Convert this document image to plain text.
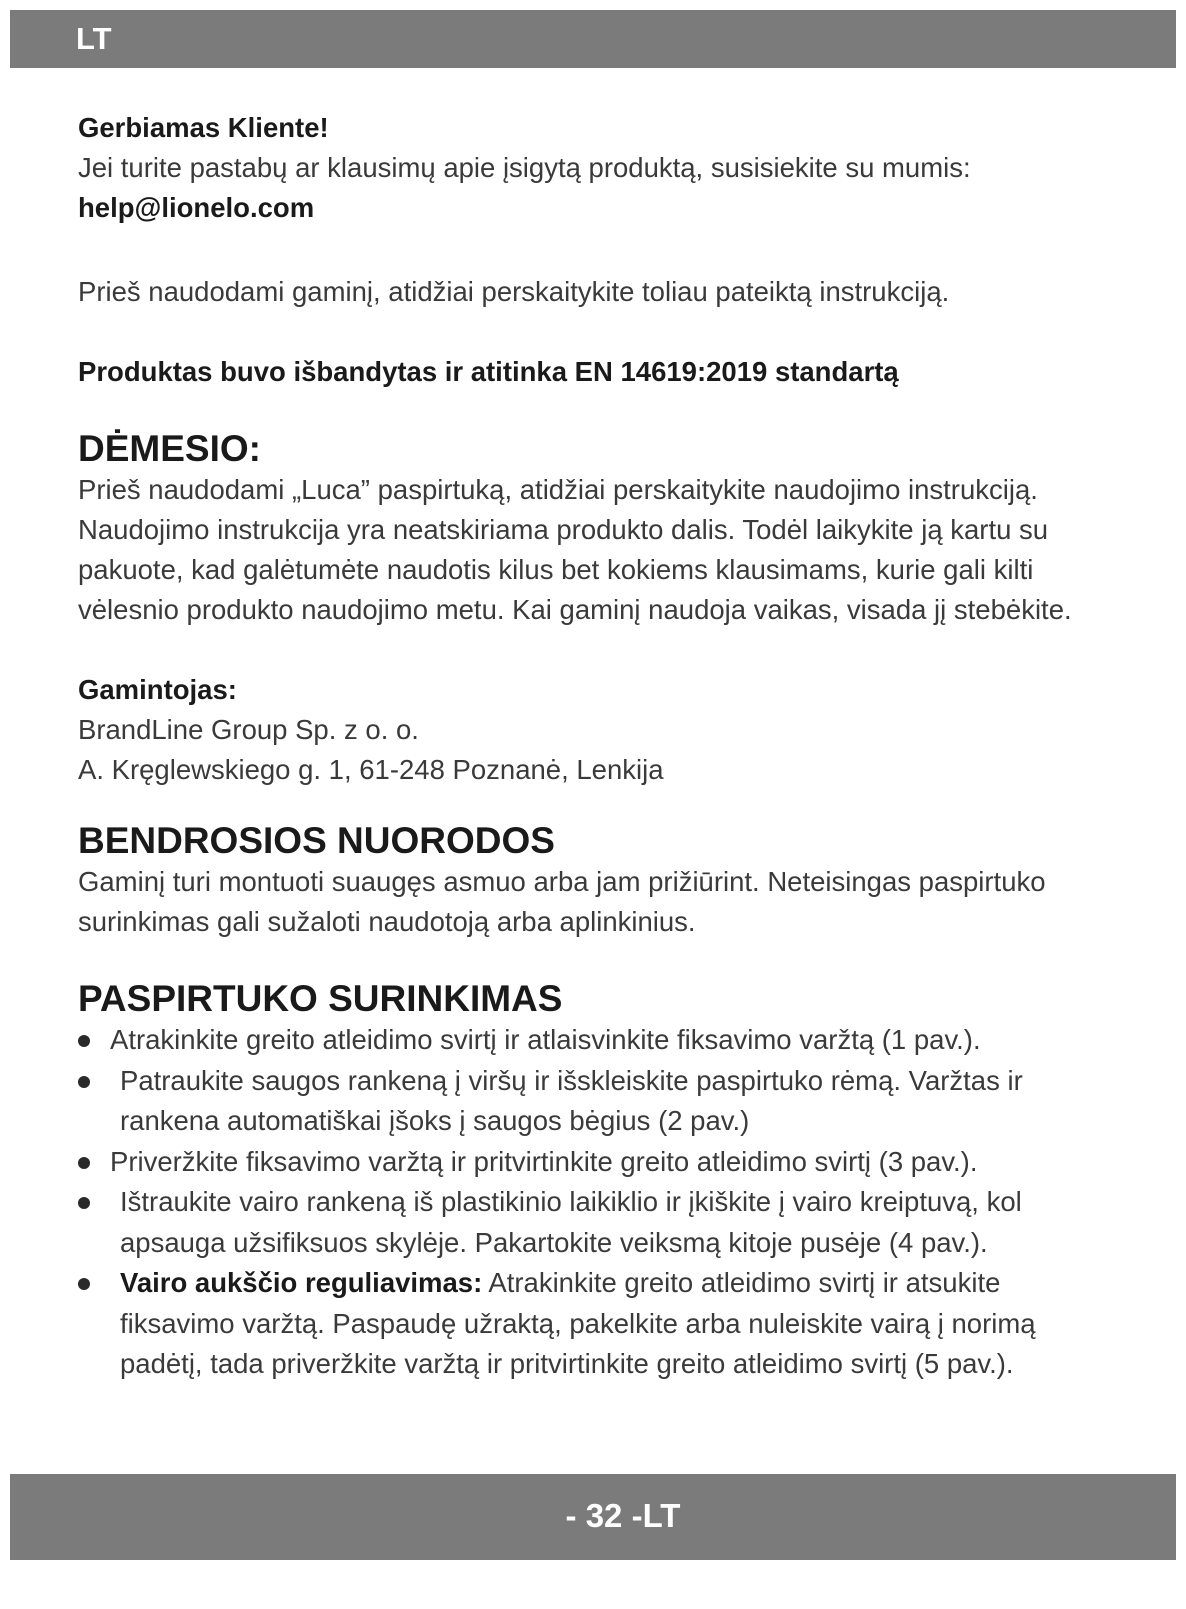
LT

Gerbiamas Kliente!

Jei turite pastabų ar klausimų apie įsigytą produktą, susisiekite su mumis:

help@lionelo.com

Prieš naudodami gaminį, atidžiai perskaitykite toliau pateiktą instrukciją.

Produktas buvo išbandytas ir atitinka EN 14619:2019 standartą

DĖMESIO:

Prieš naudodami „Luca” paspirtuką, atidžiai perskaitykite naudojimo instrukciją.

Naudojimo instrukcija yra neatskiriama produkto dalis. Todėl laikykite ją kartu su

pakuote, kad galėtumėte naudotis kilus bet kokiems klausimams, kurie gali kilti

vėlesnio produkto naudojimo metu. Kai gaminį naudoja vaikas, visada jį stebėkite.

Gamintojas:

BrandLine Group Sp. z o. o.

A. Kręglewskiego g. 1, 61-248 Poznanė, Lenkija

BENDROSIOS NUORODOS

Gaminį turi montuoti suaugęs asmuo arba jam prižiūrint. Neteisingas paspirtuko

surinkimas gali sužaloti naudotoją arba aplinkinius.

PASPIRTUKO SURINKIMAS
Atrakinkite greito atleidimo svirtį ir atlaisvinkite fiksavimo varžtą (1 pav.).
Patraukite saugos rankeną į viršų ir išskleiskite paspirtuko rėmą. Varžtas ir
rankena automatiškai įšoks į saugos bėgius (2 pav.)
Priveržkite fiksavimo varžtą ir pritvirtinkite greito atleidimo svirtį (3 pav.).
Ištraukite vairo rankeną iš plastikinio laikiklio ir įkiškite į vairo kreiptuvą, kol
apsauga užsifiksuos skylėje. Pakartokite veiksmą kitoje pusėje (4 pav.).
Vairo aukščio reguliavimas: Atrakinkite greito atleidimo svirtį ir atsukite
fiksavimo varžtą. Paspaudę užraktą, pakelkite arba nuleiskite vairą į norimą
padėtį, tada priveržkite varžtą ir pritvirtinkite greito atleidimo svirtį (5 pav.).
- 32 -LT
